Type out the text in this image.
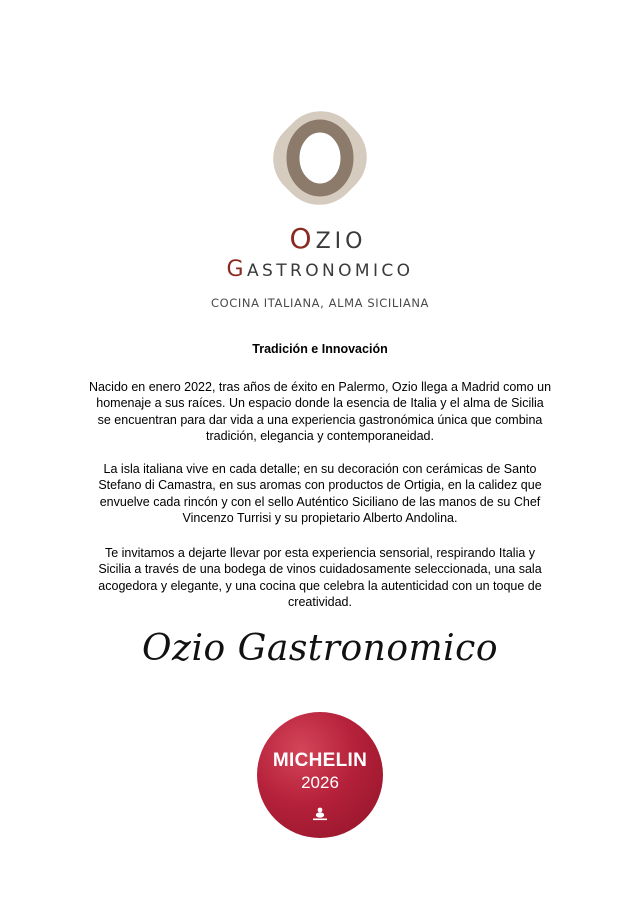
OZIO
GASTRONOMICO
COCINA ITALIANA, ALMA SICILIANA
Tradición e Innovación

Nacido en enero 2022, tras años de éxito en Palermo, Ozio llega a Madrid como un homenaje a sus raíces. Un espacio donde la esencia de Italia y el alma de Sicilia se encuentran para dar vida a una experiencia gastronómica única que combina tradición, elegancia y contemporaneidad.

La isla italiana vive en cada detalle; en su decoración con cerámicas de Santo Stefano di Camastra, en sus aromas con productos de Ortigia, en la calidez que envuelve cada rincón y con el sello Auténtico Siciliano de las manos de su Chef Vincenzo Turrisi y su propietario Alberto Andolina.

Te invitamos a dejarte llevar por esta experiencia sensorial, respirando Italia y Sicilia a través de una bodega de vinos cuidadosamente seleccionada, una sala acogedora y elegante, y una cocina que celebra la autenticidad con un toque de creatividad.

Ozio Gastronomico
MICHELIN
2026
